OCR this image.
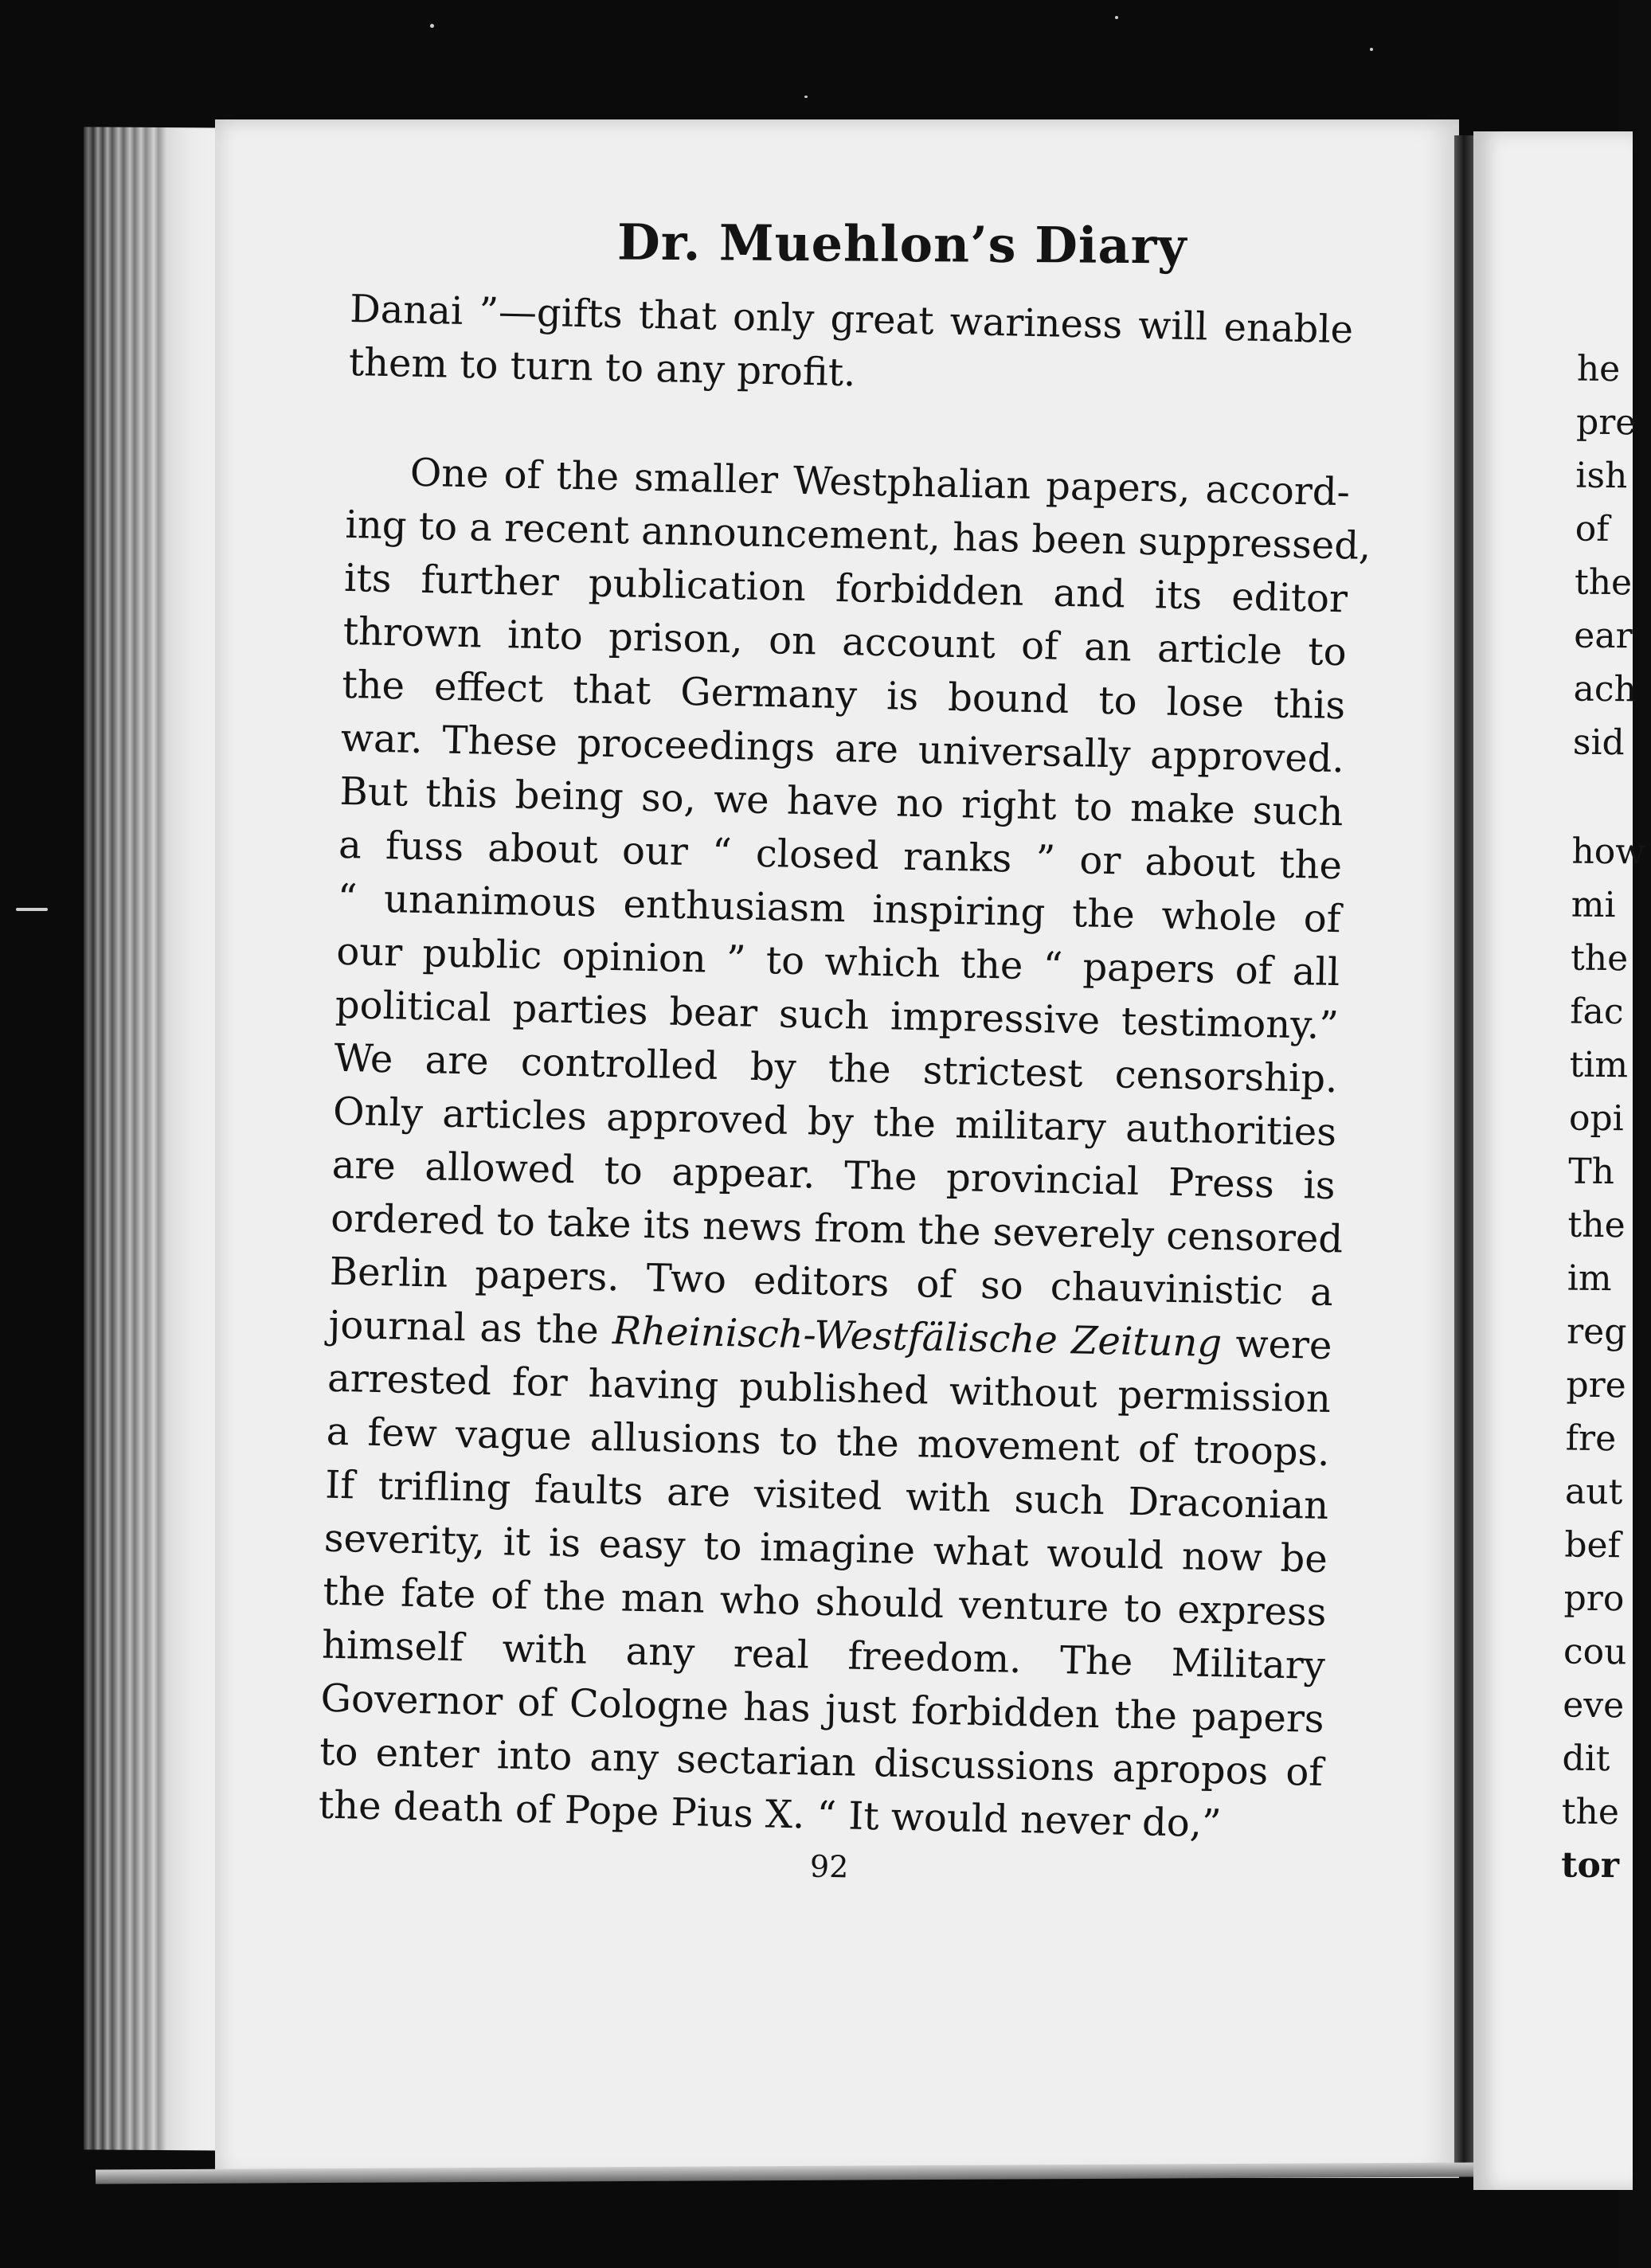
Dr. Muehlon’s Diary
Danai ”—gifts that only great wariness will enable
them to turn to any profit.
One of the smaller Westphalian papers, accord-
ing to a recent announcement, has been suppressed,
its further publication forbidden and its editor
thrown into prison, on account of an article to
the effect that Germany is bound to lose this
war. These proceedings are universally approved.
But this being so, we have no right to make such
a fuss about our “ closed ranks ” or about the
“ unanimous enthusiasm inspiring the whole of
our public opinion ” to which the “ papers of all
political parties bear such impressive testimony.”
We are controlled by the strictest censorship.
Only articles approved by the military authorities
are allowed to appear. The provincial Press is
ordered to take its news from the severely censored
Berlin papers. Two editors of so chauvinistic a
journal as the Rheinisch-Westfälische Zeitung were
arrested for having published without permission
a few vague allusions to the movement of troops.
If trifling faults are visited with such Draconian
severity, it is easy to imagine what would now be
the fate of the man who should venture to express
himself with any real freedom. The Military
Governor of Cologne has just forbidden the papers
to enter into any sectarian discussions apropos of
the death of Pope Pius X. “ It would never do,”
92
he
pre
ish
of
the
ear
ach
sid
how
mi
the
fac
tim
opi
Th
the
im
reg
pre
fre
aut
bef
pro
cou
eve
dit
the
tor
